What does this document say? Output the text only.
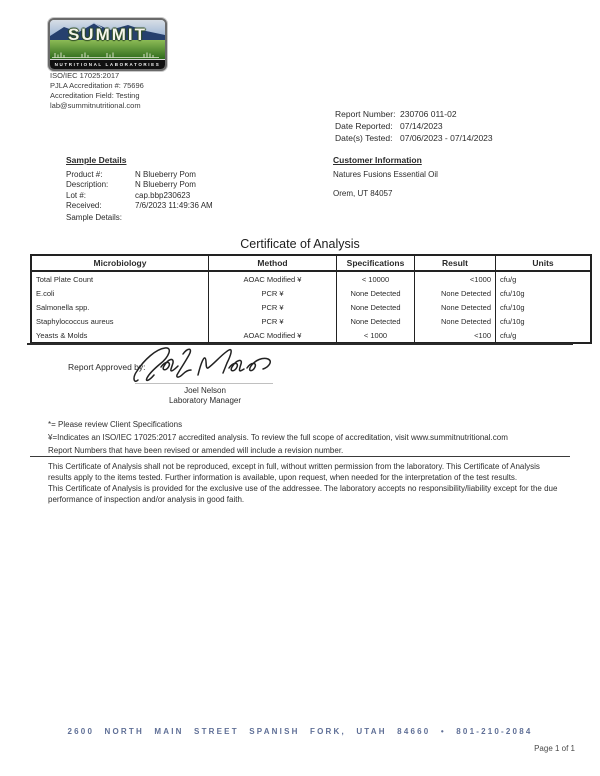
SUMMIT
NUTRITIONAL LABORATORIES
ISO/IEC 17025:2017
PJLA Accreditation #: 75696
Accreditation Field: Testing
lab@summitnutritional.com
Report Number: 230706 011-02
Date Reported: 07/14/2023
Date(s) Tested: 07/06/2023 - 07/14/2023
Sample Details
Product #:	N Blueberry Pom
Description:	N Blueberry Pom
Lot #:	cap.bbp230623
Received:	7/6/2023 11:49:36 AM
Sample Details:
Customer Information
Natures Fusions Essential Oil
Orem, UT 84057
Certificate of Analysis
Microbiology	Method	Specifications	Result	Units
Total Plate Count	AOAC Modified ¥	< 10000	<1000	cfu/g
E.coli	PCR ¥	None Detected	None Detected	cfu/10g
Salmonella spp.	PCR ¥	None Detected	None Detected	cfu/10g
Staphylococcus aureus	PCR ¥	None Detected	None Detected	cfu/10g
Yeasts & Molds	AOAC Modified ¥	< 1000	<100	cfu/g
Report Approved by:
Joel Nelson
Laboratory Manager
*= Please review Client Specifications
¥=Indicates an ISO/IEC 17025:2017 accredited analysis. To review the full scope of accreditation, visit www.summitnutritional.com
Report Numbers that have been revised or amended will include a revision number.

This Certificate of Analysis shall not be reproduced, except in full, without written permission from the laboratory. This Certificate of Analysis results apply to the items tested. Further information is available, upon request, when needed for the interpretation of the test results.

This Certificate of Analysis is provided for the exclusive use of the addressee. The laboratory accepts no responsibility/liability except for the due performance of inspection and/or analysis in good faith.

2600 NORTH MAIN STREET SPANISH FORK, UTAH 84660 • 801-210-2084
Page 1 of 1
